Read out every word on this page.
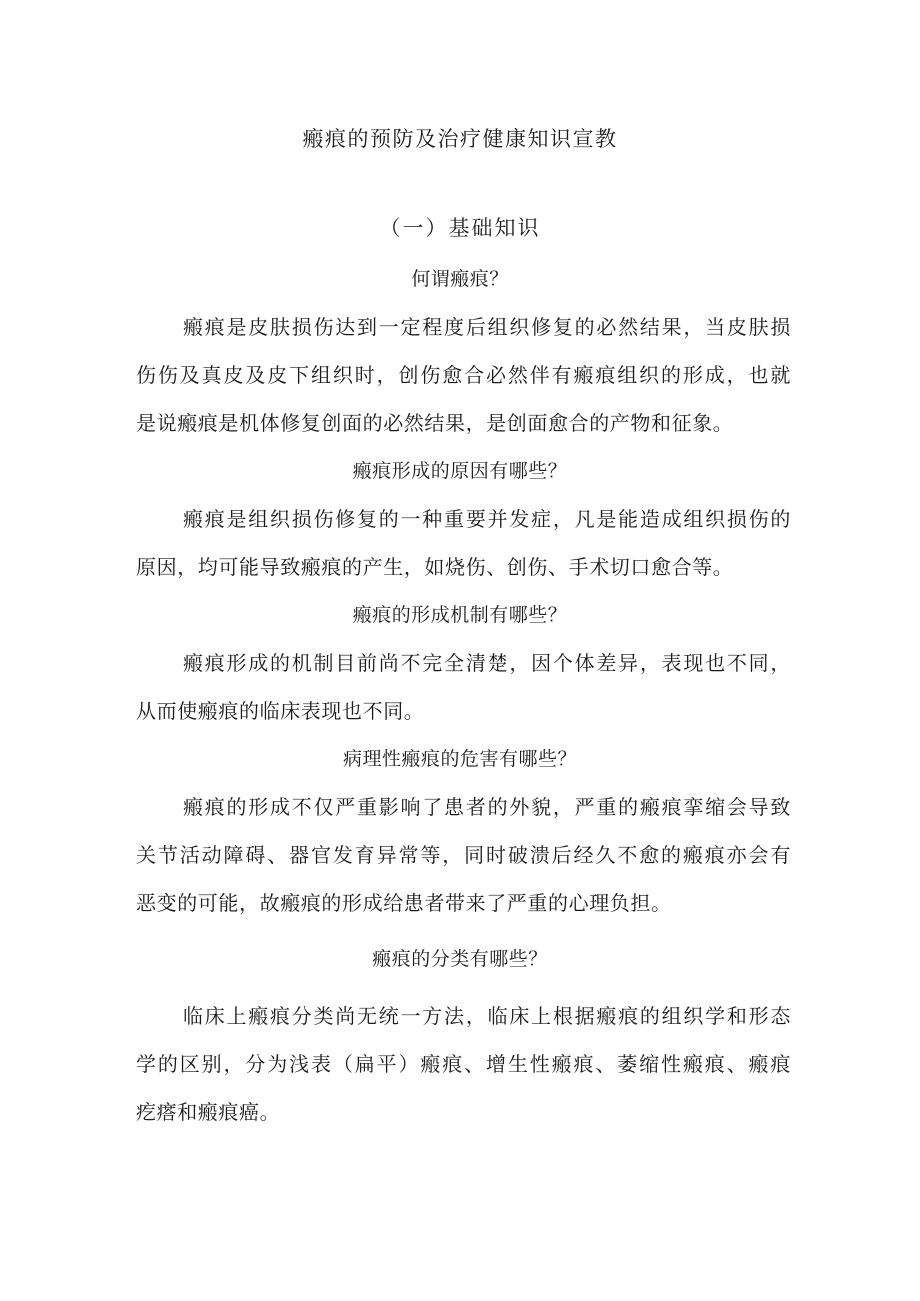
瘢痕的预防及治疗健康知识宣教
（一）基础知识
何谓瘢痕？
瘢痕是皮肤损伤达到一定程度后组织修复的必然结果，当皮肤损
伤伤及真皮及皮下组织时，创伤愈合必然伴有瘢痕组织的形成，也就
是说瘢痕是机体修复创面的必然结果，是创面愈合的产物和征象。
瘢痕形成的原因有哪些？
瘢痕是组织损伤修复的一种重要并发症，凡是能造成组织损伤的
原因，均可能导致瘢痕的产生，如烧伤、创伤、手术切口愈合等。
瘢痕的形成机制有哪些？
瘢痕形成的机制目前尚不完全清楚，因个体差异，表现也不同，
从而使瘢痕的临床表现也不同。
病理性瘢痕的危害有哪些？
瘢痕的形成不仅严重影响了患者的外貌，严重的瘢痕挛缩会导致
关节活动障碍、器官发育异常等，同时破溃后经久不愈的瘢痕亦会有
恶变的可能，故瘢痕的形成给患者带来了严重的心理负担。
瘢痕的分类有哪些？
临床上瘢痕分类尚无统一方法，临床上根据瘢痕的组织学和形态
学的区别，分为浅表（扁平）瘢痕、增生性瘢痕、萎缩性瘢痕、瘢痕
疙瘩和瘢痕癌。
